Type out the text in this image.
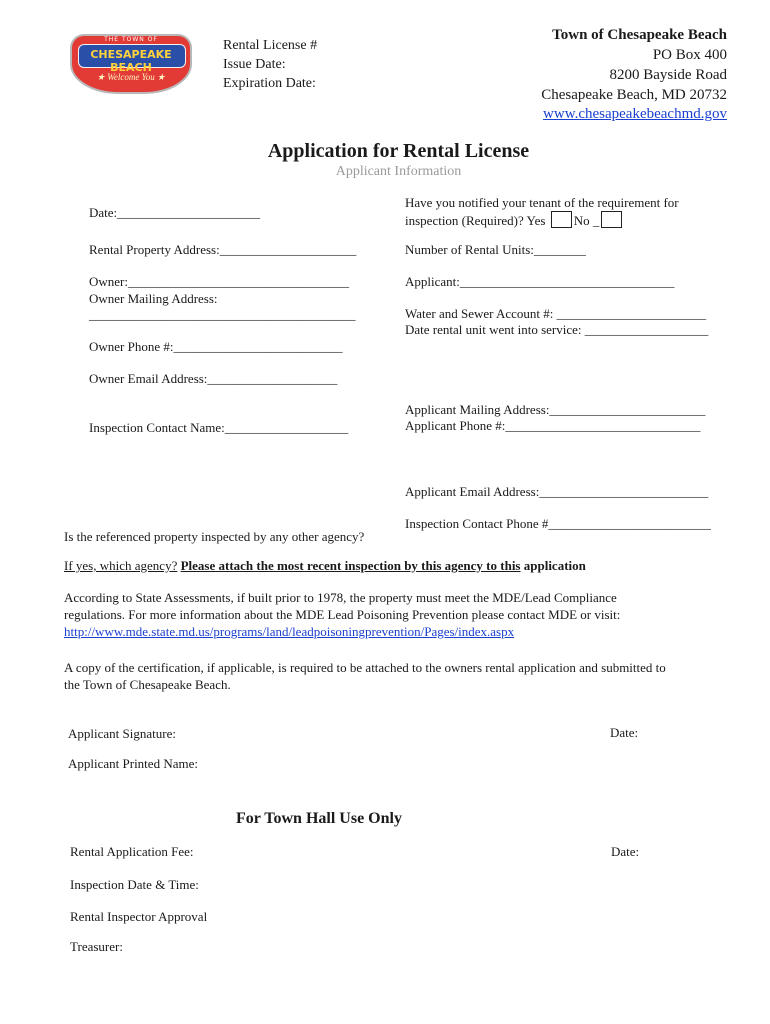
THE TOWN OF
CHESAPEAKE BEACH
★ Welcome You ★
Rental License #
Issue Date:
Expiration Date:
Town of Chesapeake Beach
PO Box 400
8200 Bayside Road
Chesapeake Beach, MD 20732
www.chesapeakebeachmd.gov
Application for Rental License
Applicant Information
Date:______________________
Rental Property Address:_____________________
Owner:__________________________________
Owner Mailing Address:
_________________________________________
Owner Phone #:__________________________
Owner Email Address:____________________
Inspection Contact Name:___________________
Have you notified your tenant of the requirement for
inspection (Required)? Yes No _
Number of Rental Units:________
Applicant:_________________________________
Water and Sewer Account #: _______________________
Date rental unit went into service: ___________________
Applicant Mailing Address:________________________
Applicant Phone #:______________________________
Applicant Email Address:__________________________
Inspection Contact Phone #_________________________
Is the referenced property inspected by any other agency?
If yes, which agency? Please attach the most recent inspection by this agency to this application
According to State Assessments, if built prior to 1978, the property must meet the MDE/Lead Compliance
regulations. For more information about the MDE Lead Poisoning Prevention please contact MDE or visit:
http://www.mde.state.md.us/programs/land/leadpoisoningprevention/Pages/index.aspx
A copy of the certification, if applicable, is required to be attached to the owners rental application and submitted to
the Town of Chesapeake Beach.
Applicant Signature:	Date:
Applicant Printed Name:
For Town Hall Use Only
Rental Application Fee:	Date:
Inspection Date & Time:
Rental Inspector Approval
Treasurer:
